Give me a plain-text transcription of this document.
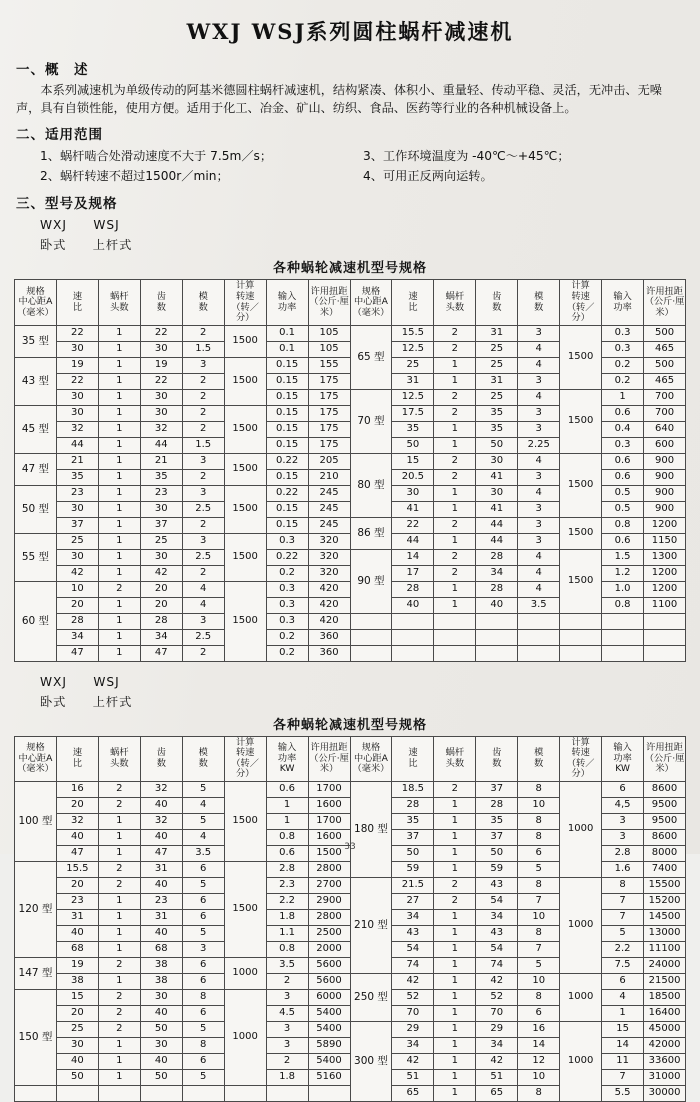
WXJ WSJ系列圆柱蜗杆减速机
一、概　述
本系列减速机为单级传动的阿基米德圆柱蜗杆减速机，结构紧凑、体积小、重量轻、传动平稳、灵活，无冲击、无噪声，具有自锁性能，使用方便。适用于化工、冶金、矿山、纺织、食品、医药等行业的各种机械设备上。
二、适用范围
1、蜗杆啮合处滑动速度不大于 7.5m／s；
2、蜗杆转速不超过1500r／min；
3、工作环境温度为 -40℃～+45℃；
4、可用正反两向运转。
三、型号及规格
WXJ　　WSJ
卧式　　上杆式
各种蜗轮减速机型号规格
规格
中心距A
（毫米）	速
比	蜗杆
头数	齿
数	模
数	计算
转速
（转／分）	输入
功率	许用扭距
（公斤·厘米）	规格
中心距A
（毫米）	速
比	蜗杆
头数	齿
数	模
数	计算
转速
（转／分）	输入
功率	许用扭距
（公斤·厘米）

35 型	22	1	22	2	1500	0.1	105	65 型	15.5	2	31	3	1500	0.3	500
	30	1	30	1.5		0.1	105		12.5	2	25	4		0.3	465
43 型	19	1	19	3	1500	0.15	155		25	1	25	4		0.2	500
	22	1	22	2		0.15	175		31	1	31	3		0.2	465
	30	1	30	2		0.15	175	70 型	12.5	2	25	4	1500	1	700
45 型	30	1	30	2	1500	0.15	175		17.5	2	35	3		0.6	700
	32	1	32	2		0.15	175		35	1	35	3		0.4	640
	44	1	44	1.5		0.15	175		50	1	50	2.25		0.3	600
47 型	21	1	21	3	1500	0.22	205	80 型	15	2	30	4	1500	0.6	900
	35	1	35	2		0.15	210		20.5	2	41	3		0.6	900
50 型	23	1	23	3	1500	0.22	245		30	1	30	4		0.5	900
	30	1	30	2.5		0.15	245		41	1	41	3		0.5	900
	37	1	37	2		0.15	245	86 型	22	2	44	3	1500	0.8	1200
55 型	25	1	25	3	1500	0.3	320		44	1	44	3		0.6	1150
	30	1	30	2.5		0.22	320	90 型	14	2	28	4	1500	1.5	1300
	42	1	42	2		0.2	320		17	2	34	4		1.2	1200
60 型	10	2	20	4	1500	0.3	420		28	1	28	4		1.0	1200
	20	1	20	4		0.3	420		40	1	40	3.5		0.8	1100
	28	1	28	3		0.3	420								
	34	1	34	2.5		0.2	360								
	47	1	47	2		0.2	360								
WXJ　　WSJ
卧式　　上杆式
各种蜗轮减速机型号规格
规格
中心距A
（毫米）	速
比	蜗杆
头数	齿
数	模
数	计算
转速
（转／分）	输入
功率
KW	许用扭距
（公斤·厘米）	规格
中心距A
（毫米）	速
比	蜗杆
头数	齿
数	模
数	计算
转速
（转／分）	输入
功率
KW	许用扭距
（公斤·厘米）

100 型	16	2	32	5	1500	0.6	1700	180 型	18.5	2	37	8	1000	6	8600
	20	2	40	4		1	1600		28	1	28	10		4,5	9500
	32	1	32	5		1	1700		35	1	35	8		3	9500
	40	1	40	4		0.8	1600		37	1	37	8		3	8600
	47	1	47	3.5		0.6	1500		50	1	50	6		2.8	8000
120 型	15.5	2	31	6	1500	2.8	2800		59	1	59	5		1.6	7400
	20	2	40	5		2.3	2700	210 型	21.5	2	43	8	1000	8	15500
	23	1	23	6		2.2	2900		27	2	54	7		7	15200
	31	1	31	6		1.8	2800		34	1	34	10		7	14500
	40	1	40	5		1.1	2500		43	1	43	8		5	13000
	68	1	68	3		0.8	2000		54	1	54	7		2.2	11100
147 型	19	2	38	6	1000	3.5	5600		74	1	74	5		7.5	24000
	38	1	38	6		2	5600	250 型	42	1	42	10	1000	6	21500
150 型	15	2	30	8	1000	3	6000		52	1	52	8		4	18500
	20	2	40	6		4.5	5400		70	1	70	6		1	16400
	25	2	50	5		3	5400	300 型	29	1	29	16	1000	15	45000
	30	1	30	8		3	5890		34	1	34	14		14	42000
	40	1	40	6		2	5400		42	1	42	12		11	33600
	50	1	50	5		1.8	5160		51	1	51	10		7	31000
									65	1	65	8		5.5	30000
33
